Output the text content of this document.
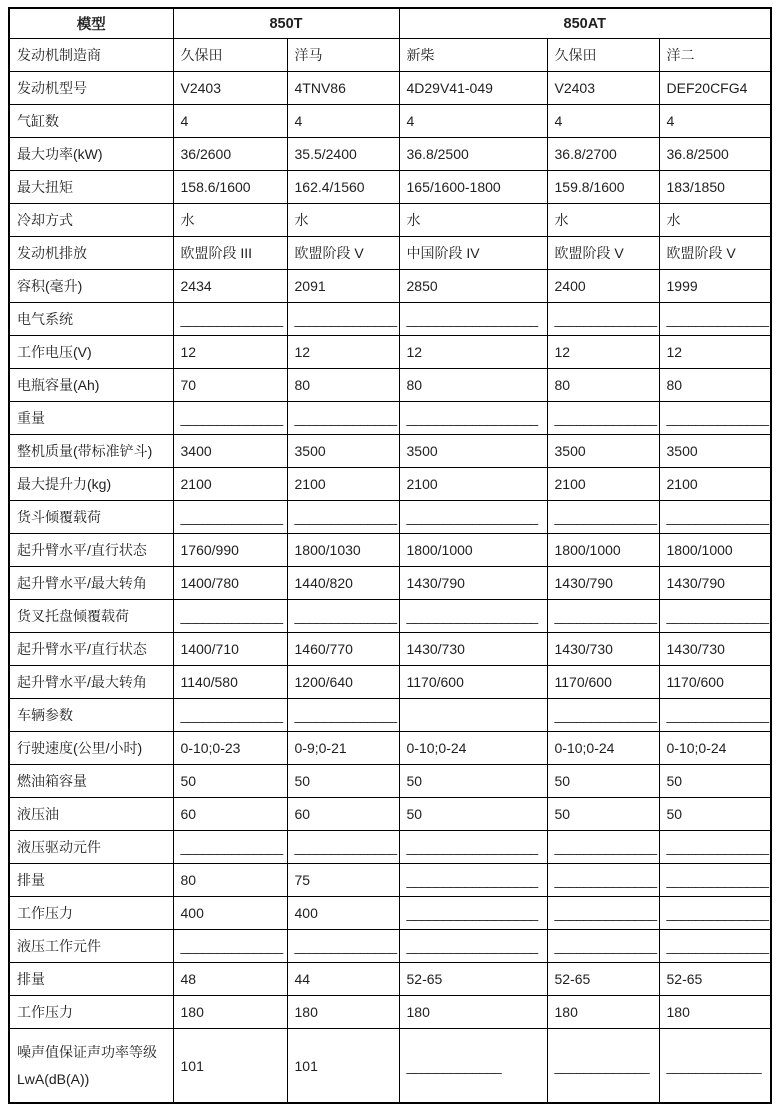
模型	850T		850AT		
发动机制造商	久保田	洋马	新柴	久保田	洋二
发动机型号	V2403	4TNV86	4D29V41-049	V2403	DEF20CFG4
气缸数	4	4	4	4	4
最大功率(kW)	36/2600	35.5/2400	36.8/2500	36.8/2700	36.8/2500
最大扭矩	158.6/1600	162.4/1560	165/1600-1800	159.8/1600	183/1850
冷却方式	水	水	水	水	水
发动机排放	欧盟阶段 III	欧盟阶段 V	中国阶段 IV	欧盟阶段 V	欧盟阶段 V
容积(毫升)	2434	2091	2850	2400	1999
电气系统	______________	______________	__________________	______________	______________
工作电压(V)	12	12	12	12	12
电瓶容量(Ah)	70	80	80	80	80
重量	______________	______________	__________________	______________	______________
整机质量(带标准铲斗)	3400	3500	3500	3500	3500
最大提升力(kg)	2100	2100	2100	2100	2100
货斗倾覆载荷	______________	______________	__________________	______________	______________
起升臂水平/直行状态	1760/990	1800/1030	1800/1000	1800/1000	1800/1000
起升臂水平/最大转角	1400/780	1440/820	1430/790	1430/790	1430/790
货叉托盘倾覆载荷	______________	______________	__________________	______________	______________
起升臂水平/直行状态	1400/710	1460/770	1430/730	1430/730	1430/730
起升臂水平/最大转角	1140/580	1200/640	1170/600	1170/600	1170/600
车辆参数	______________	______________		______________	______________
行驶速度(公里/小时)	0-10;0-23	0-9;0-21	0-10;0-24	0-10;0-24	0-10;0-24
燃油箱容量	50	50	50	50	50
液压油	60	60	50	50	50
液压驱动元件	______________	______________	__________________	______________	______________
排量	80	75	__________________	______________	______________
工作压力	400	400	__________________	______________	______________
液压工作元件	______________	______________	__________________	______________	______________
排量	48	44	52-65	52-65	52-65
工作压力	180	180	180	180	180
噪声值保证声功率等级 LwA(dB(A))	101	101	_____________	_____________	_____________
